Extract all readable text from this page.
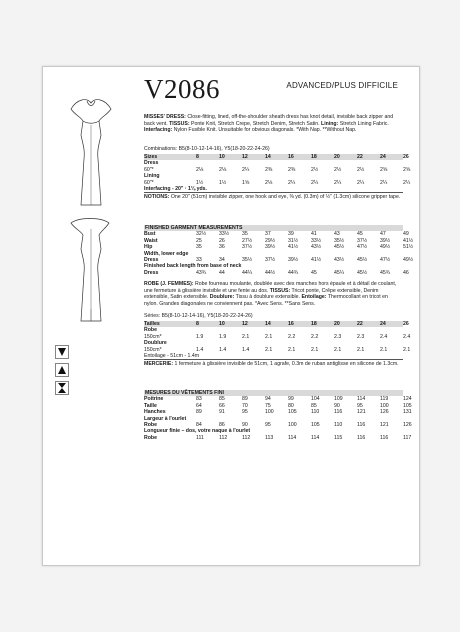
V2086	ADVANCED/PLUS DIFFICILE
MISSES' DRESS: Close-fitting, lined, off-the-shoulder sheath dress has knot detail, invisible back zipper and back vent. TISSUS: Ponte Knit, Stretch Crepe, Stretch Denim, Stretch Satin. Lining: Stretch Lining Fabric. Interfacing: Nylon Fusible Knit. Unsuitable for obvious diagonals. *With Nap. **Without Nap.
Combinations: B5(8-10-12-14-16), Y5(18-20-22-24-26)
Sizes	8	10	12	14	16	18	20	22	24	26
Dress
60"*	2⅛	2⅛	2¼	2⅜	2⅜	2½	2½	2½	2⅝	2⅝
Lining
60"*	1½	1½	1⅝	2⅛	2¼	2¼	2¼	2¼	2¼	2¼
Interfacing - 20" · 1⅛ yds.
NOTIONS: One 20" (51cm) invisible zipper, one hook and eye, ⅜ yd. (0.3m) of ½" (1.3cm) silicone gripper tape.
FINISHED GARMENT MEASUREMENTS
Bust	32½	33½	35	37	39	41	43	45	47	49
Waist	25	26	27½	29½	31½	33½	35½	37½	39½	41½
Hip	35	36	37½	39½	41½	43½	45½	47½	49½	51½
Width, lower edge
Dress	33	34	35½	37½	39½	41½	43½	45½	47½	49½
Finished back length from base of neck
Dress	43¾	44	44¼	44½	44¾	45	45¼	45½	45¾	46
ROBE (J. FEMMES): Robe fourreau moulante, doublée avec des manches hors épaule et à détail de coulant, une fermeture à glissière invisible et une fente au dos. TISSUS: Tricot ponte, Crêpe extensible, Denim extensible, Satin extensible. Doublure: Tissu à doublure extensible. Entoilage: Thermocollant en tricot en nylon. Grandes diagonales ne conviennent pas. *Avec Sens. **Sans Sens.
Séries: B5(8-10-12-14-16), Y5(18-20-22-24-26)
Tailles	8	10	12	14	16	18	20	22	24	26
Robe
150cm*	1.9	1.9	2.1	2.1	2.2	2.2	2.3	2.3	2.4	2.4
Doublure
150cm*	1.4	1.4	1.4	2.1	2.1	2.1	2.1	2.1	2.1	2.1
Entoilage - 51cm - 1.4m
MERCERIE: 1 fermeture à glissière invisible de 51cm, 1 agrafe, 0.3m de ruban antiglisse en silicone de 1.3cm.
MESURES DU VÊTEMENTS FINI
Poitrine	83	85	89	94	99	104	109	114	119	124
Taille	64	66	70	75	80	85	90	95	100	105
Hanches	89	91	95	100	105	110	116	121	126	131
Largeur à l'ourlet
Robe	84	86	90	95	100	105	110	116	121	126
Longueur finie – dos, votre naque à l'ourlet
Robe	111	112	112	113	114	114	115	116	116	117
